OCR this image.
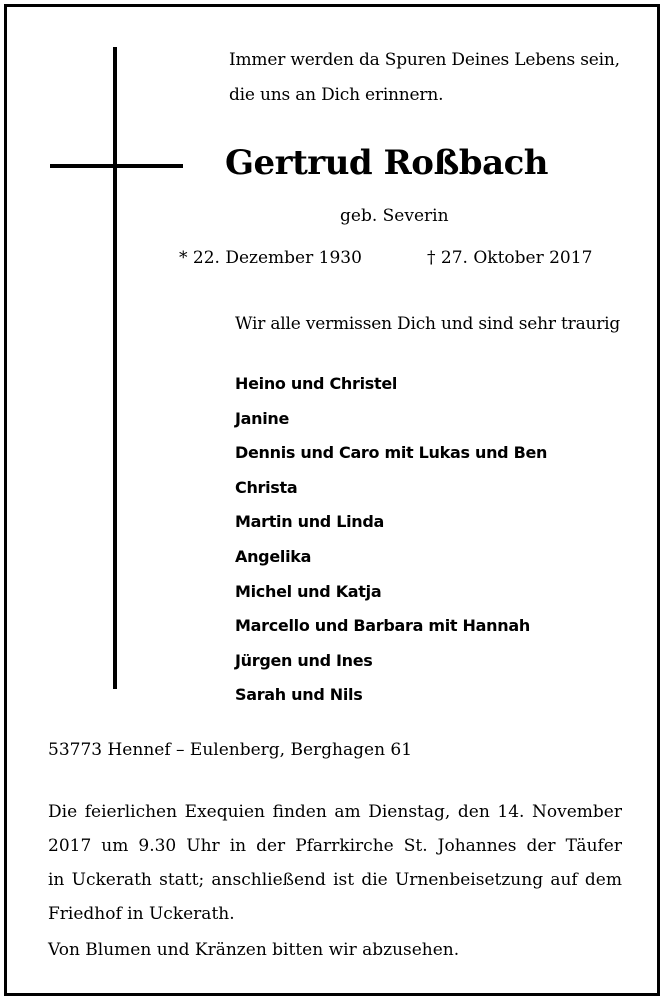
Immer werden da Spuren Deines Lebens sein,
die uns an Dich erinnern.
Gertrud Roßbach
geb. Severin
* 22. Dezember 1930	† 27. Oktober 2017
Wir alle vermissen Dich und sind sehr traurig
Heino und Christel
Janine
Dennis und Caro mit Lukas und Ben
Christa
Martin und Linda
Angelika
Michel und Katja
Marcello und Barbara mit Hannah
Jürgen und Ines
Sarah und Nils
53773 Hennef – Eulenberg, Berghagen 61
Die feierlichen Exequien finden am Dienstag, den 14. November
2017 um 9.30 Uhr in der Pfarrkirche St. Johannes der Täufer
in Uckerath statt; anschließend ist die Urnenbeisetzung auf dem
Friedhof in Uckerath.
Von Blumen und Kränzen bitten wir abzusehen.
